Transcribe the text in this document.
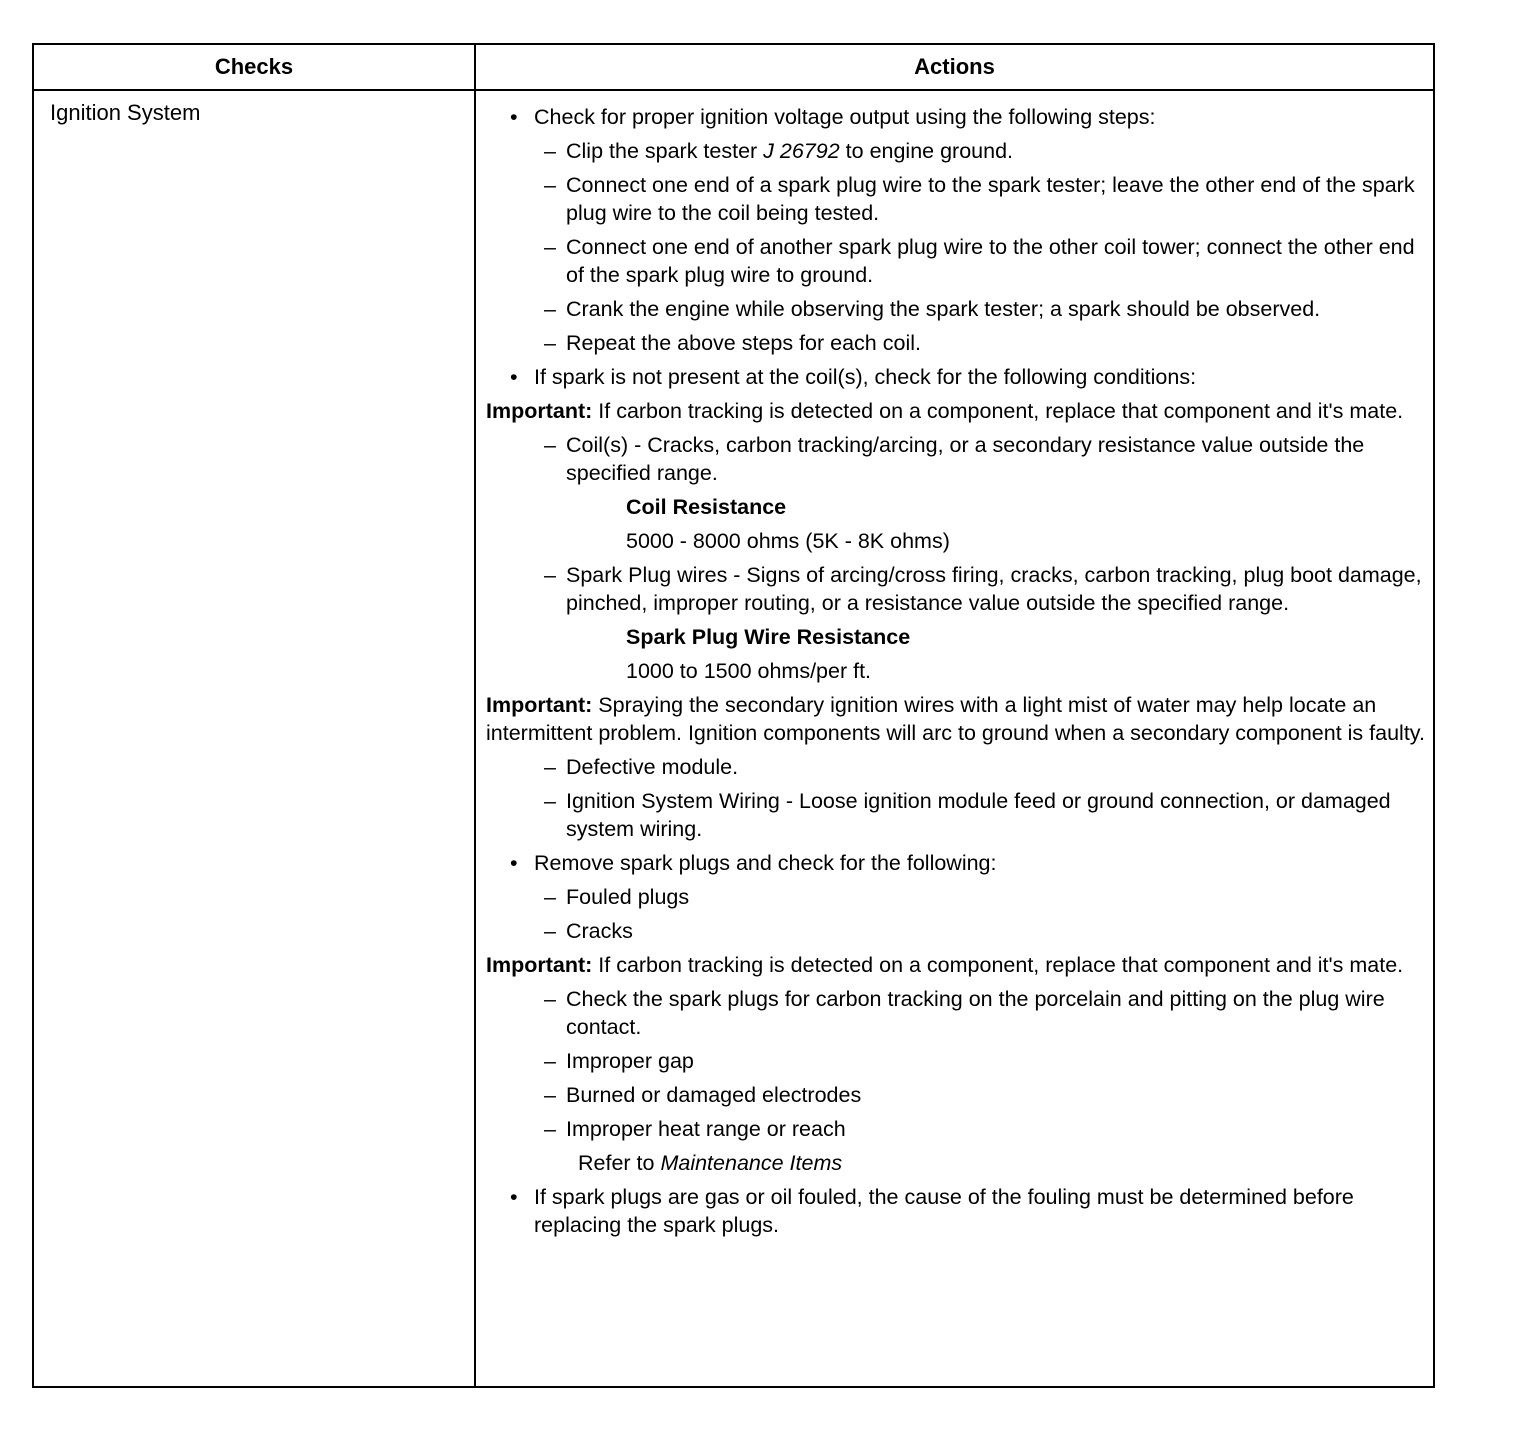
Checks	Actions
Ignition System	• Check for proper ignition voltage output using the following steps:
– Clip the spark tester J 26792 to engine ground.
– Connect one end of a spark plug wire to the spark tester; leave the other end of the spark plug wire to the coil being tested.
– Connect one end of another spark plug wire to the other coil tower; connect the other end of the spark plug wire to ground.
– Crank the engine while observing the spark tester; a spark should be observed.
– Repeat the above steps for each coil.
• If spark is not present at the coil(s), check for the following conditions:
Important: If carbon tracking is detected on a component, replace that component and it's mate.
– Coil(s) - Cracks, carbon tracking/arcing, or a secondary resistance value outside the specified range.
Coil Resistance
5000 - 8000 ohms (5K - 8K ohms)
– Spark Plug wires - Signs of arcing/cross firing, cracks, carbon tracking, plug boot damage, pinched, improper routing, or a resistance value outside the specified range.
Spark Plug Wire Resistance
1000 to 1500 ohms/per ft.
Important: Spraying the secondary ignition wires with a light mist of water may help locate an intermittent problem. Ignition components will arc to ground when a secondary component is faulty.
– Defective module.
– Ignition System Wiring - Loose ignition module feed or ground connection, or damaged system wiring.
• Remove spark plugs and check for the following:
– Fouled plugs
– Cracks
Important: If carbon tracking is detected on a component, replace that component and it's mate.
– Check the spark plugs for carbon tracking on the porcelain and pitting on the plug wire contact.
– Improper gap
– Burned or damaged electrodes
– Improper heat range or reach
Refer to Maintenance Items
• If spark plugs are gas or oil fouled, the cause of the fouling must be determined before replacing the spark plugs.
